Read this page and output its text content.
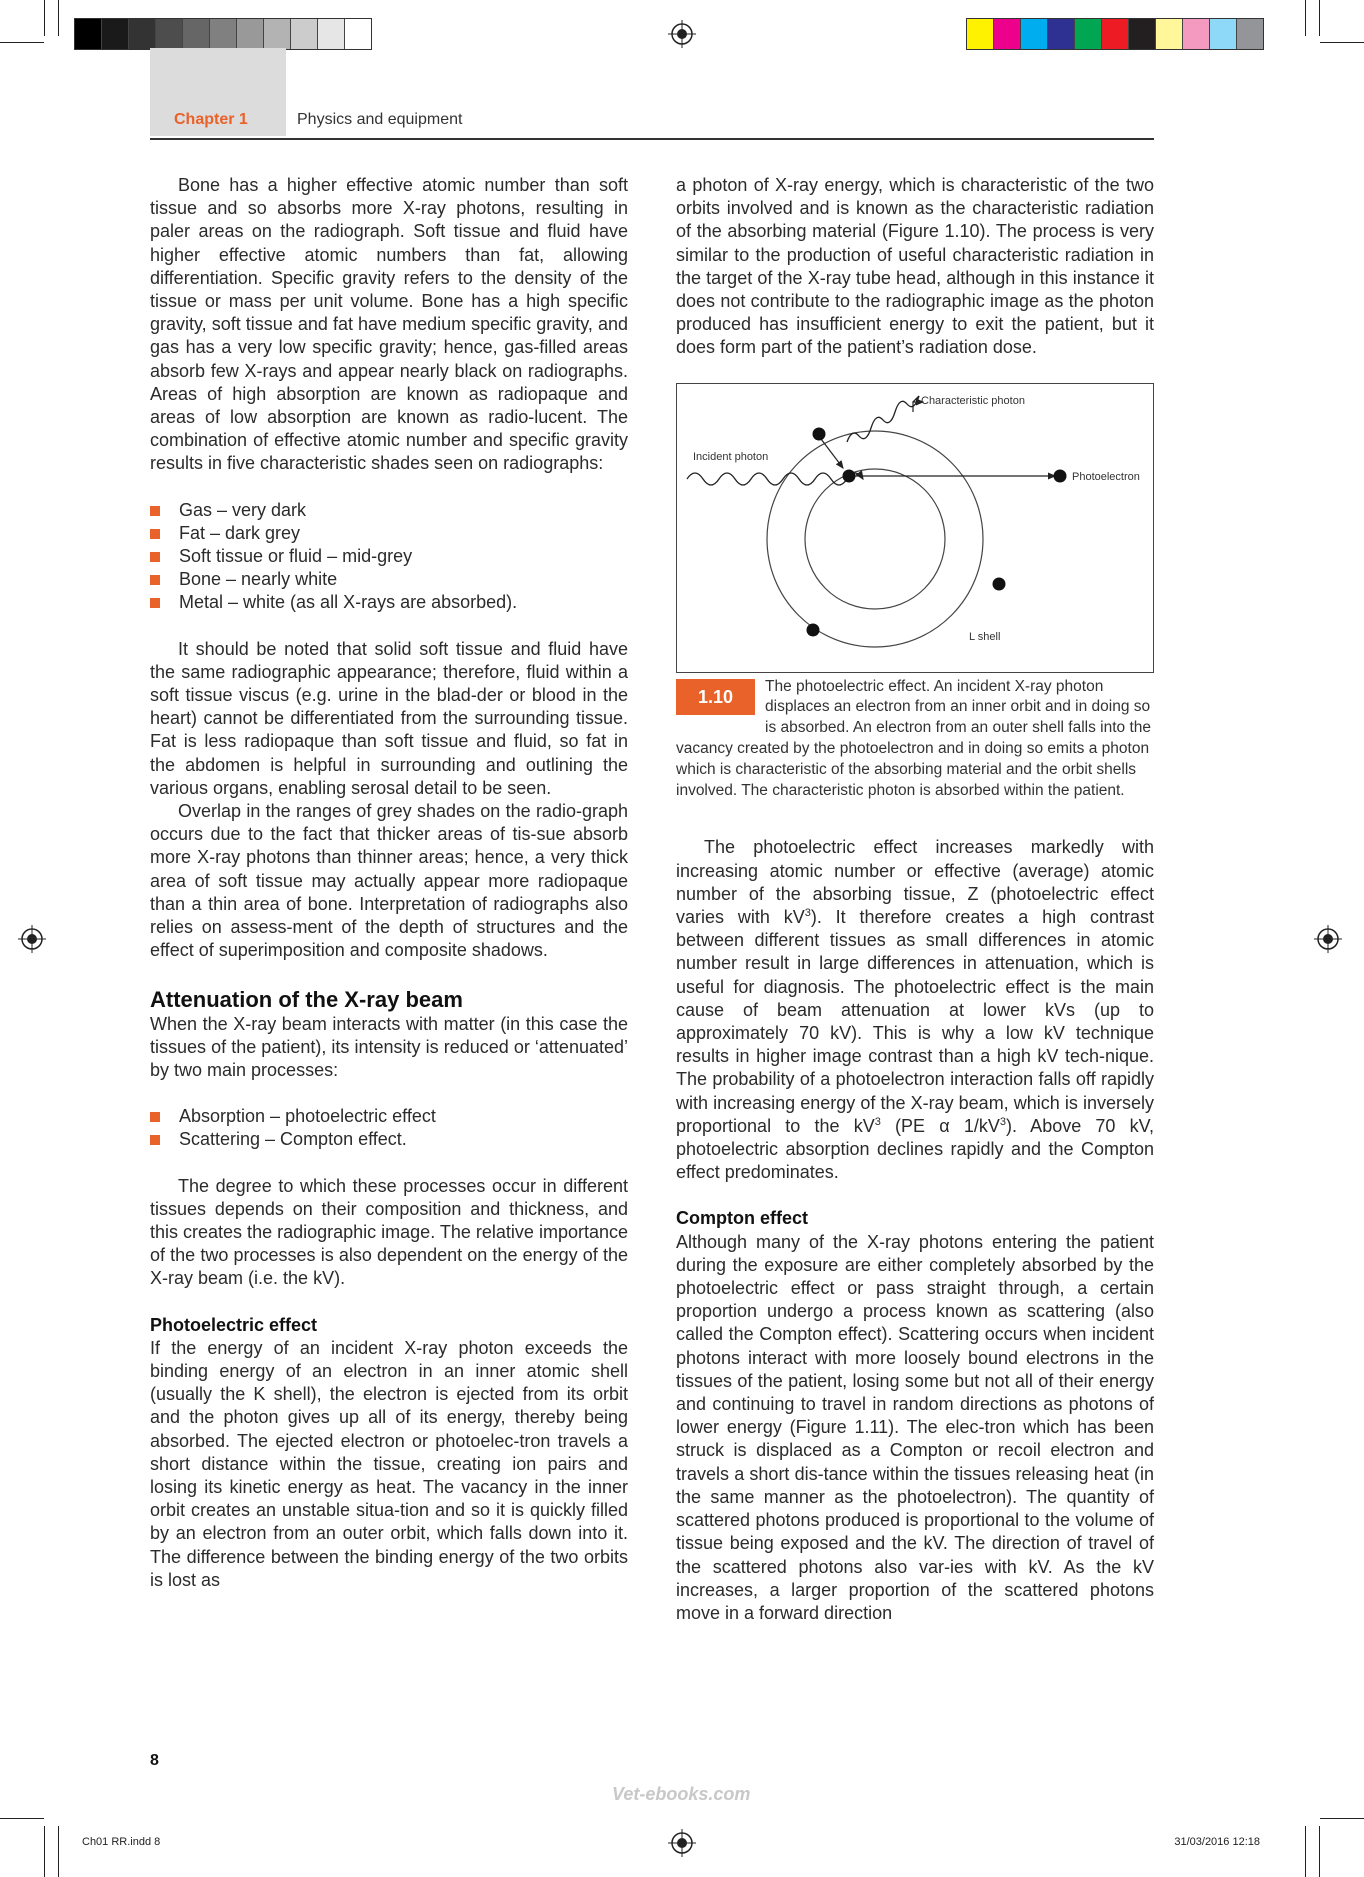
Chapter 1	Physics and equipment

Bone has a higher effective atomic number than soft tissue and so absorbs more X-ray photons, resulting in paler areas on the radiograph. Soft tissue and fluid have higher effective atomic numbers than fat, allowing differentiation. Specific gravity refers to the density of the tissue or mass per unit volume. Bone has a high specific gravity, soft tissue and fat have medium specific gravity, and gas has a very low specific gravity; hence, gas-filled areas absorb few X-rays and appear nearly black on radiographs. Areas of high absorption are known as radiopaque and areas of low absorption are known as radio-lucent. The combination of effective atomic number and specific gravity results in five characteristic shades seen on radiographs:

Gas – very dark
Fat – dark grey
Soft tissue or fluid – mid-grey
Bone – nearly white
Metal – white (as all X-rays are absorbed).

It should be noted that solid soft tissue and fluid have the same radiographic appearance; therefore, fluid within a soft tissue viscus (e.g. urine in the blad-der or blood in the heart) cannot be differentiated from the surrounding tissue. Fat is less radiopaque than soft tissue and fluid, so fat in the abdomen is helpful in surrounding and outlining the various organs, enabling serosal detail to be seen.

Overlap in the ranges of grey shades on the radio-graph occurs due to the fact that thicker areas of tis-sue absorb more X-ray photons than thinner areas; hence, a very thick area of soft tissue may actually appear more radiopaque than a thin area of bone. Interpretation of radiographs also relies on assess-ment of the depth of structures and the effect of superimposition and composite shadows.

Attenuation of the X-ray beam

When the X-ray beam interacts with matter (in this case the tissues of the patient), its intensity is reduced or ‘attenuated’ by two main processes:

Absorption – photoelectric effect
Scattering – Compton effect.

The degree to which these processes occur in different tissues depends on their composition and thickness, and this creates the radiographic image. The relative importance of the two processes is also dependent on the energy of the X-ray beam (i.e. the kV).

Photoelectric effect

If the energy of an incident X-ray photon exceeds the binding energy of an electron in an inner atomic shell (usually the K shell), the electron is ejected from its orbit and the photon gives up all of its energy, thereby being absorbed. The ejected electron or photoelec-tron travels a short distance within the tissue, creating ion pairs and losing its kinetic energy as heat. The vacancy in the inner orbit creates an unstable situa-tion and so it is quickly filled by an electron from an outer orbit, which falls down into it. The difference between the binding energy of the two orbits is lost as

a photon of X-ray energy, which is characteristic of the two orbits involved and is known as the characteristic radiation of the absorbing material (Figure 1.10). The process is very similar to the production of useful characteristic radiation in the target of the X-ray tube head, although in this instance it does not contribute to the radiographic image as the photon produced has insufficient energy to exit the patient, but it does form part of the patient’s radiation dose.

Characteristic photon
Incident photon
Photoelectron
L shell
1.10
The photoelectric effect. An incident X-ray photon displaces an electron from an inner orbit and in doing so is absorbed. An electron from an outer shell falls into the vacancy created by the photoelectron and in doing so emits a photon which is characteristic of the absorbing material and the orbit shells involved. The characteristic photon is absorbed within the patient.

The photoelectric effect increases markedly with increasing atomic number or effective (average) atomic number of the absorbing tissue, Z (photoelectric effect varies with $kV^3$). It therefore creates a high contrast between different tissues as small differences in atomic number result in large differences in attenuation, which is useful for diagnosis. The photoelectric effect is the main cause of beam attenuation at lower kVs (up to approximately 70 kV). This is why a low kV technique results in higher image contrast than a high kV tech-nique. The probability of a photoelectron interaction falls off rapidly with increasing energy of the X-ray beam, which is inversely proportional to the $kV^3$ (PE α $1/kV^3$). Above 70 kV, photoelectric absorption declines rapidly and the Compton effect predominates.

Compton effect

Although many of the X-ray photons entering the patient during the exposure are either completely absorbed by the photoelectric effect or pass straight through, a certain proportion undergo a process known as scattering (also called the Compton effect). Scattering occurs when incident photons interact with more loosely bound electrons in the tissues of the patient, losing some but not all of their energy and continuing to travel in random directions as photons of lower energy (Figure 1.11). The elec-tron which has been struck is displaced as a Compton or recoil electron and travels a short dis-tance within the tissues releasing heat (in the same manner as the photoelectron). The quantity of scattered photons produced is proportional to the volume of tissue being exposed and the kV. The direction of travel of the scattered photons also var-ies with kV. As the kV increases, a larger proportion of the scattered photons move in a forward direction

8
Vet-ebooks.com
Ch01 RR.indd 8	31/03/2016 12:18
